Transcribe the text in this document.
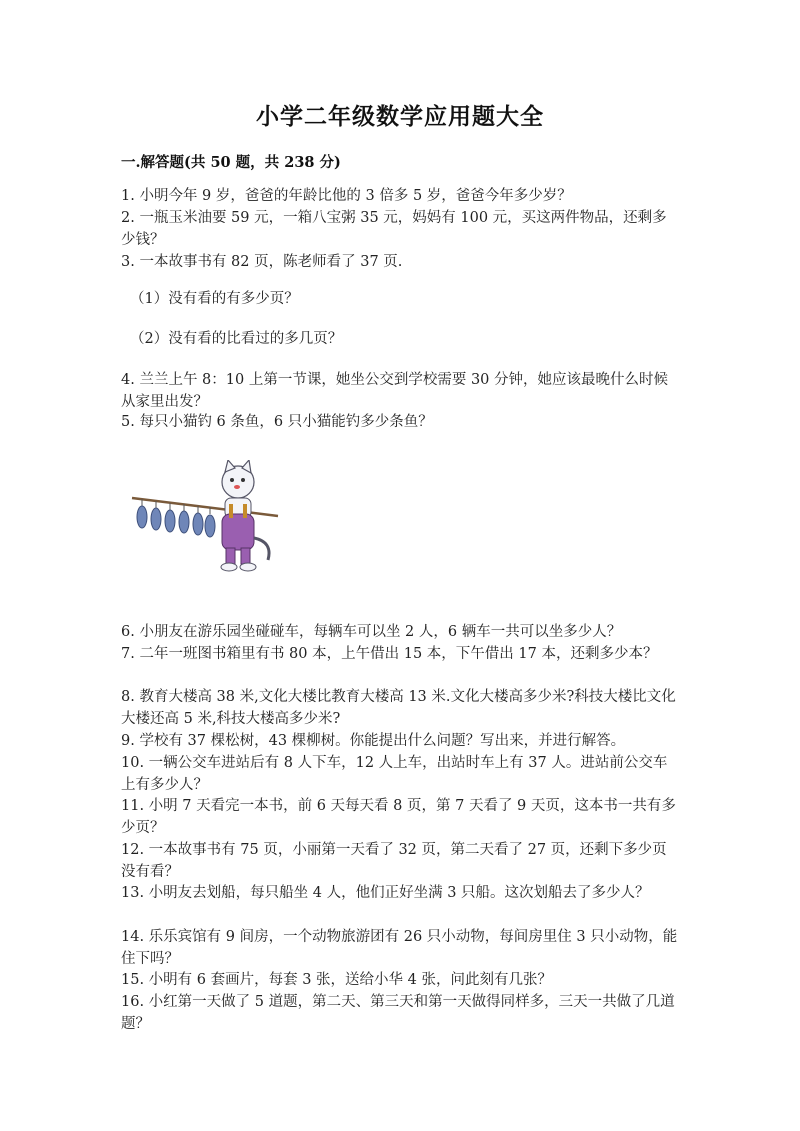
小学二年级数学应用题大全
一.解答题(共 50 题，共 238 分)
1. 小明今年 9 岁，爸爸的年龄比他的 3 倍多 5 岁，爸爸今年多少岁？
2. 一瓶玉米油要 59 元，一箱八宝粥 35 元，妈妈有 100 元，买这两件物品，还剩多少钱？
3. 一本故事书有 82 页，陈老师看了 37 页.
（1）没有看的有多少页？
（2）没有看的比看过的多几页？
4. 兰兰上午 8：10 上第一节课，她坐公交到学校需要 30 分钟，她应该最晚什么时候从家里出发？
5. 每只小猫钓 6 条鱼，6 只小猫能钓多少条鱼？
6. 小朋友在游乐园坐碰碰车，每辆车可以坐 2 人，6 辆车一共可以坐多少人？
7. 二年一班图书箱里有书 80 本，上午借出 15 本，下午借出 17 本，还剩多少本？
8. 教育大楼高 38 米,文化大楼比教育大楼高 13 米.文化大楼高多少米?科技大楼比文化大楼还高 5 米,科技大楼高多少米?
9. 学校有 37 棵松树，43 棵柳树。你能提出什么问题？写出来，并进行解答。
10. 一辆公交车进站后有 8 人下车，12 人上车，出站时车上有 37 人。进站前公交车上有多少人？
11. 小明 7 天看完一本书，前 6 天每天看 8 页，第 7 天看了 9 天页，这本书一共有多少页？
12. 一本故事书有 75 页，小丽第一天看了 32 页，第二天看了 27 页，还剩下多少页没有看？
13. 小明友去划船，每只船坐 4 人，他们正好坐满 3 只船。这次划船去了多少人？
14. 乐乐宾馆有 9 间房，一个动物旅游团有 26 只小动物，每间房里住 3 只小动物，能住下吗？
15. 小明有 6 套画片，每套 3 张，送给小华 4 张，问此刻有几张？
16. 小红第一天做了 5 道题，第二天、第三天和第一天做得同样多，三天一共做了几道题？
